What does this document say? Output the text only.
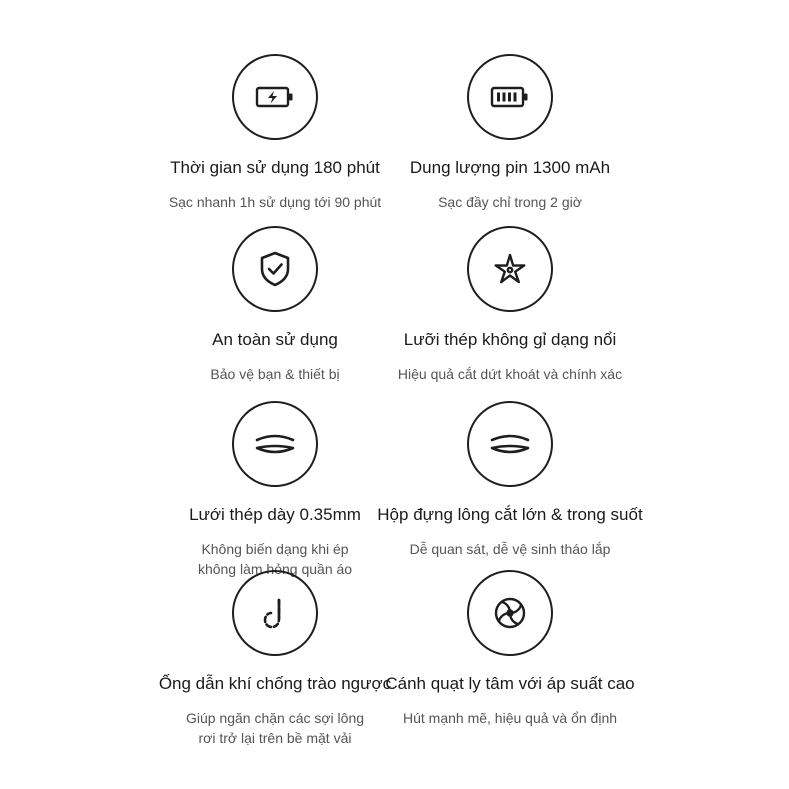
Thời gian sử dụng 180 phút
Sạc nhanh 1h sử dụng tới 90 phút
Dung lượng pin 1300 mAh
Sạc đầy chỉ trong 2 giờ
An toàn sử dụng
Bảo vệ bạn & thiết bị
Lưỡi thép không gỉ dạng nổi
Hiệu quả cắt dứt khoát và chính xác
Lưới thép dày 0.35mm
Không biến dạng khi ép
không làm hỏng quần áo
Hộp đựng lông cắt lớn & trong suốt
Dễ quan sát, dễ vệ sinh tháo lắp
Ống dẫn khí chống trào ngược
Giúp ngăn chặn các sợi lông
rơi trở lại trên bề mặt vải
Cánh quạt ly tâm với áp suất cao
Hút mạnh mẽ, hiệu quả và ổn định
